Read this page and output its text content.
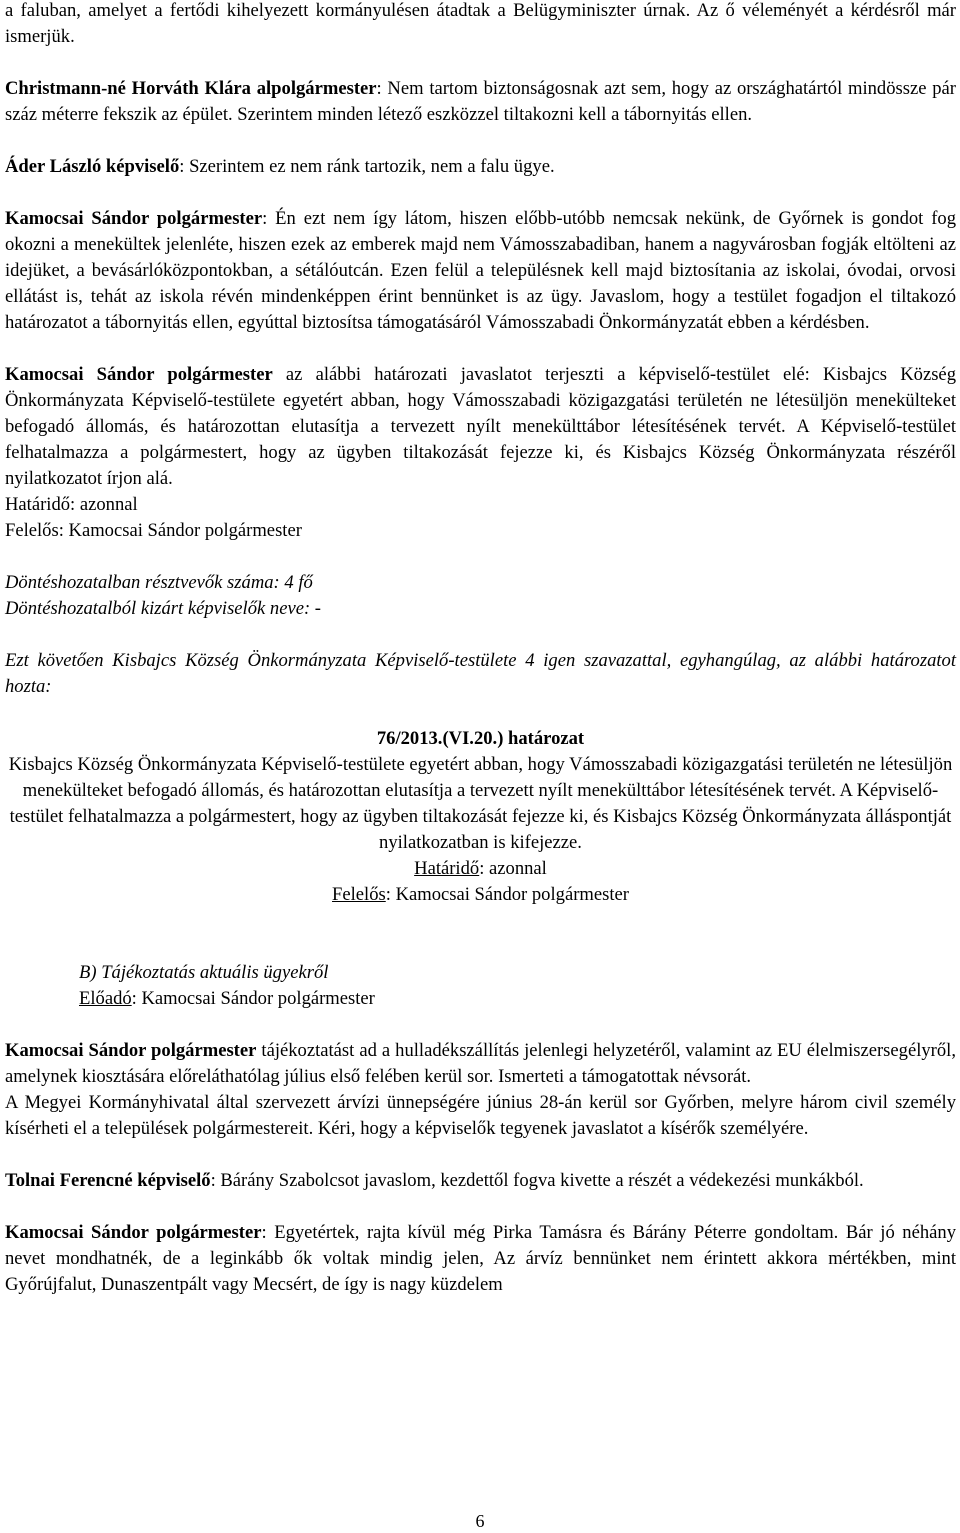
a faluban, amelyet a fertődi kihelyezett kormányulésen átadtak a Belügyminiszter úrnak. Az ő véleményét a kérdésről már ismerjük.

Christmann-né Horváth Klára alpolgármester: Nem tartom biztonságosnak azt sem, hogy az országhatártól mindössze pár száz méterre fekszik az épület. Szerintem minden létező eszközzel tiltakozni kell a tábornyitás ellen.

Áder László képviselő: Szerintem ez nem ránk tartozik, nem a falu ügye.

Kamocsai Sándor polgármester: Én ezt nem így látom, hiszen előbb-utóbb nemcsak nekünk, de Győrnek is gondot fog okozni a menekültek jelenléte, hiszen ezek az emberek majd nem Vámosszabadiban, hanem a nagyvárosban fogják eltölteni az idejüket, a bevásárlóközpontokban, a sétálóutcán. Ezen felül a településnek kell majd biztosítania az iskolai, óvodai, orvosi ellátást is, tehát az iskola révén mindenképpen érint bennünket is az ügy. Javaslom, hogy a testület fogadjon el tiltakozó határozatot a tábornyitás ellen, egyúttal biztosítsa támogatásáról Vámosszabadi Önkormányzatát ebben a kérdésben.

Kamocsai Sándor polgármester az alábbi határozati javaslatot terjeszti a képviselő-testület elé: Kisbajcs Község Önkormányzata Képviselő-testülete egyetért abban, hogy Vámosszabadi közigazgatási területén ne létesüljön menekülteket befogadó állomás, és határozottan elutasítja a tervezett nyílt menekülttábor létesítésének tervét. A Képviselő-testület felhatalmazza a polgármestert, hogy az ügyben tiltakozását fejezze ki, és Kisbajcs Község Önkormányzata részéről nyilatkozatot írjon alá.

Határidő: azonnal

Felelős: Kamocsai Sándor polgármester

Döntéshozatalban résztvevők száma: 4 fő

Döntéshozatalból kizárt képviselők neve: -

Ezt követően Kisbajcs Község Önkormányzata Képviselő-testülete 4 igen szavazattal, egyhangúlag, az alábbi határozatot hozta:

76/2013.(VI.20.) határozat

Kisbajcs Község Önkormányzata Képviselő-testülete egyetért abban, hogy Vámosszabadi közigazgatási területén ne létesüljön menekülteket befogadó állomás, és határozottan elutasítja a tervezett nyílt menekülttábor létesítésének tervét. A Képviselő-testület felhatalmazza a polgármestert, hogy az ügyben tiltakozását fejezze ki, és Kisbajcs Község Önkormányzata álláspontját nyilatkozatban is kifejezze.

Határidő: azonnal

Felelős: Kamocsai Sándor polgármester

B) Tájékoztatás aktuális ügyekről

Előadó: Kamocsai Sándor polgármester

Kamocsai Sándor polgármester tájékoztatást ad a hulladékszállítás jelenlegi helyzetéről, valamint az EU élelmiszersegélyről, amelynek kiosztására előreláthatólag július első felében kerül sor. Ismerteti a támogatottak névsorát.

A Megyei Kormányhivatal által szervezett árvízi ünnepségére június 28-án kerül sor Győrben, melyre három civil személy kísérheti el a települések polgármestereit. Kéri, hogy a képviselők tegyenek javaslatot a kísérők személyére.

Tolnai Ferencné képviselő: Bárány Szabolcsot javaslom, kezdettől fogva kivette a részét a védekezési munkákból.

Kamocsai Sándor polgármester: Egyetértek, rajta kívül még Pirka Tamásra és Bárány Péterre gondoltam. Bár jó néhány nevet mondhatnék, de a leginkább ők voltak mindig jelen, Az árvíz bennünket nem érintett akkora mértékben, mint Győrújfalut, Dunaszentpált vagy Mecsért, de így is nagy küzdelem

6
